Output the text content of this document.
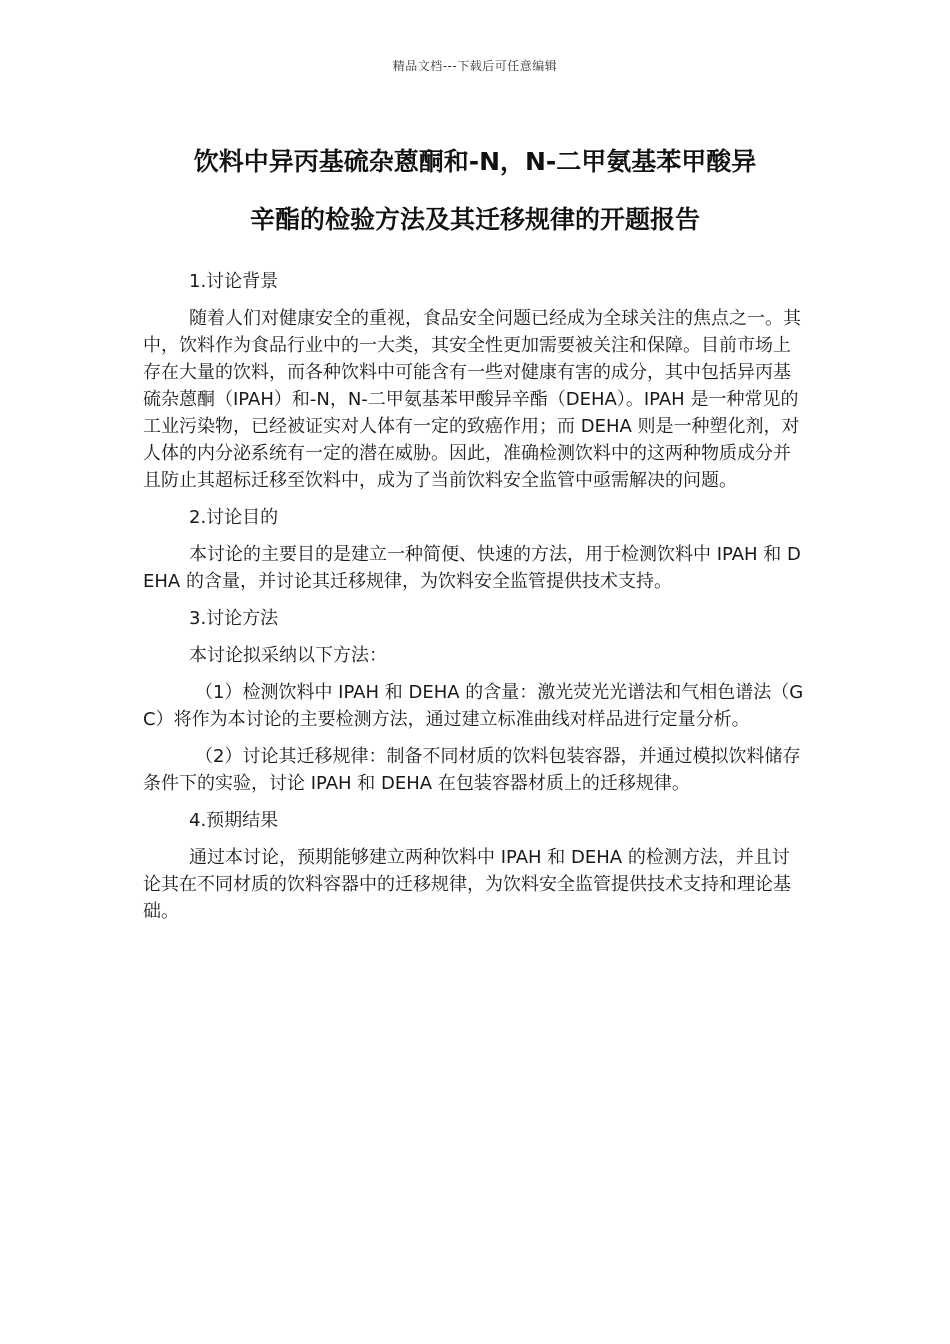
精品文档---下载后可任意编辑
饮料中异丙基硫杂蒽酮和-N，N-二甲氨基苯甲酸异
辛酯的检验方法及其迁移规律的开题报告
1.讨论背景
随着人们对健康安全的重视，食品安全问题已经成为全球关注的焦点之一。其中，饮料作为食品行业中的一大类，其安全性更加需要被关注和保障。目前市场上存在大量的饮料，而各种饮料中可能含有一些对健康有害的成分，其中包括异丙基硫杂蒽酮（IPAH）和-N，N-二甲氨基苯甲酸异辛酯（DEHA）。IPAH 是一种常见的工业污染物，已经被证实对人体有一定的致癌作用；而 DEHA 则是一种塑化剂，对人体的内分泌系统有一定的潜在威胁。因此，准确检测饮料中的这两种物质成分并且防止其超标迁移至饮料中，成为了当前饮料安全监管中亟需解决的问题。
2.讨论目的
本讨论的主要目的是建立一种简便、快速的方法，用于检测饮料中 IPAH 和 DEHA 的含量，并讨论其迁移规律，为饮料安全监管提供技术支持。
3.讨论方法
本讨论拟采纳以下方法：
（1）检测饮料中 IPAH 和 DEHA 的含量：激光荧光光谱法和气相色谱法（GC）将作为本讨论的主要检测方法，通过建立标准曲线对样品进行定量分析。
（2）讨论其迁移规律：制备不同材质的饮料包装容器，并通过模拟饮料储存条件下的实验，讨论 IPAH 和 DEHA 在包装容器材质上的迁移规律。
4.预期结果
通过本讨论，预期能够建立两种饮料中 IPAH 和 DEHA 的检测方法，并且讨论其在不同材质的饮料容器中的迁移规律，为饮料安全监管提供技术支持和理论基础。
